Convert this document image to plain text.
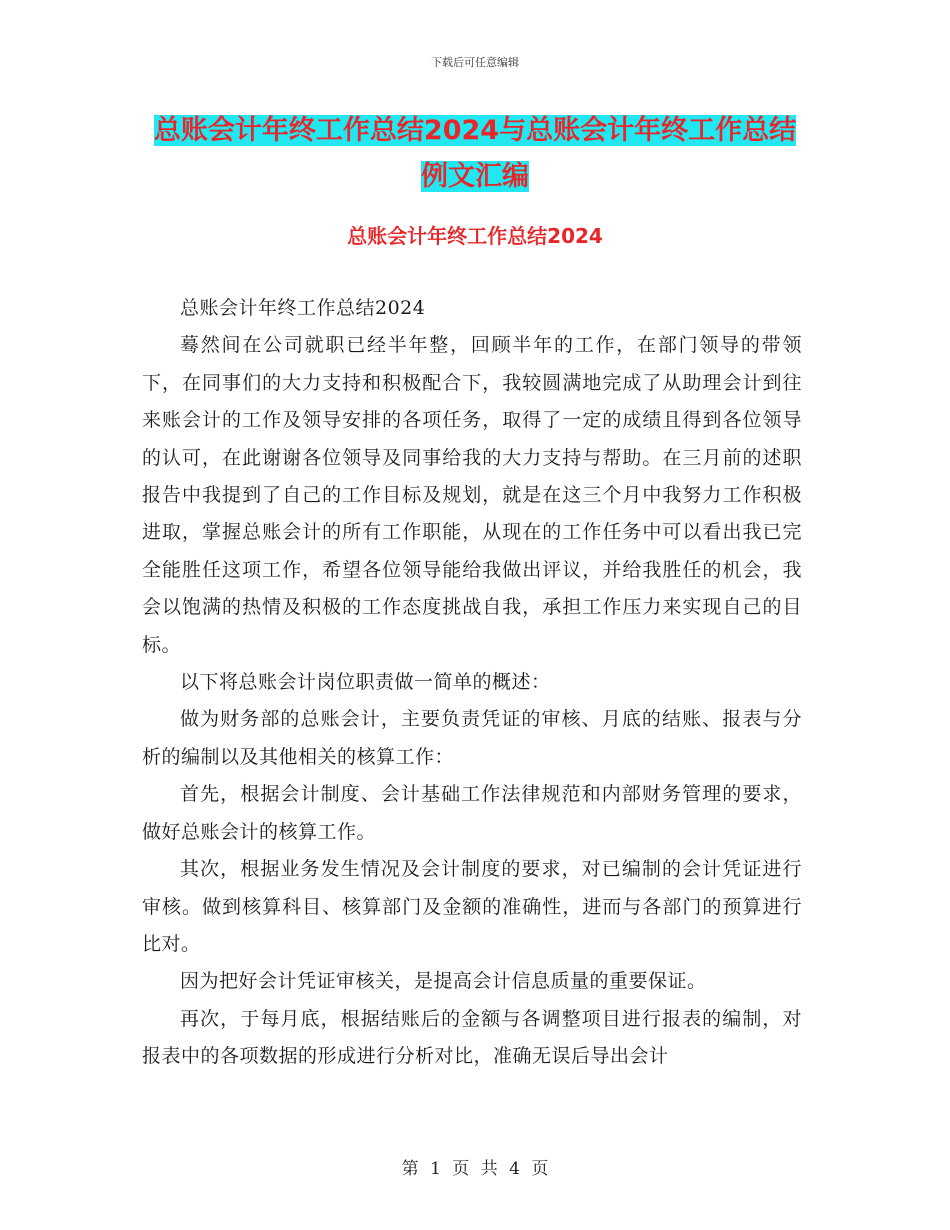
下载后可任意编辑
总账会计年终工作总结2024与总账会计年终工作总结
例文汇编
总账会计年终工作总结2024

总账会计年终工作总结2024

蓦然间在公司就职已经半年整，回顾半年的工作，在部门领导的带领下，在同事们的大力支持和积极配合下，我较圆满地完成了从助理会计到往来账会计的工作及领导安排的各项任务，取得了一定的成绩且得到各位领导的认可，在此谢谢各位领导及同事给我的大力支持与帮助。在三月前的述职报告中我提到了自己的工作目标及规划，就是在这三个月中我努力工作积极进取，掌握总账会计的所有工作职能，从现在的工作任务中可以看出我已完全能胜任这项工作，希望各位领导能给我做出评议，并给我胜任的机会，我会以饱满的热情及积极的工作态度挑战自我，承担工作压力来实现自己的目标。

以下将总账会计岗位职责做一简单的概述：

做为财务部的总账会计，主要负责凭证的审核、月底的结账、报表与分析的编制以及其他相关的核算工作：

首先，根据会计制度、会计基础工作法律规范和内部财务管理的要求，做好总账会计的核算工作。

其次，根据业务发生情况及会计制度的要求，对已编制的会计凭证进行审核。做到核算科目、核算部门及金额的准确性，进而与各部门的预算进行比对。

因为把好会计凭证审核关，是提高会计信息质量的重要保证。

再次，于每月底，根据结账后的金额与各调整项目进行报表的编制，对报表中的各项数据的形成进行分析对比，准确无误后导出会计

第 1 页 共 4 页
